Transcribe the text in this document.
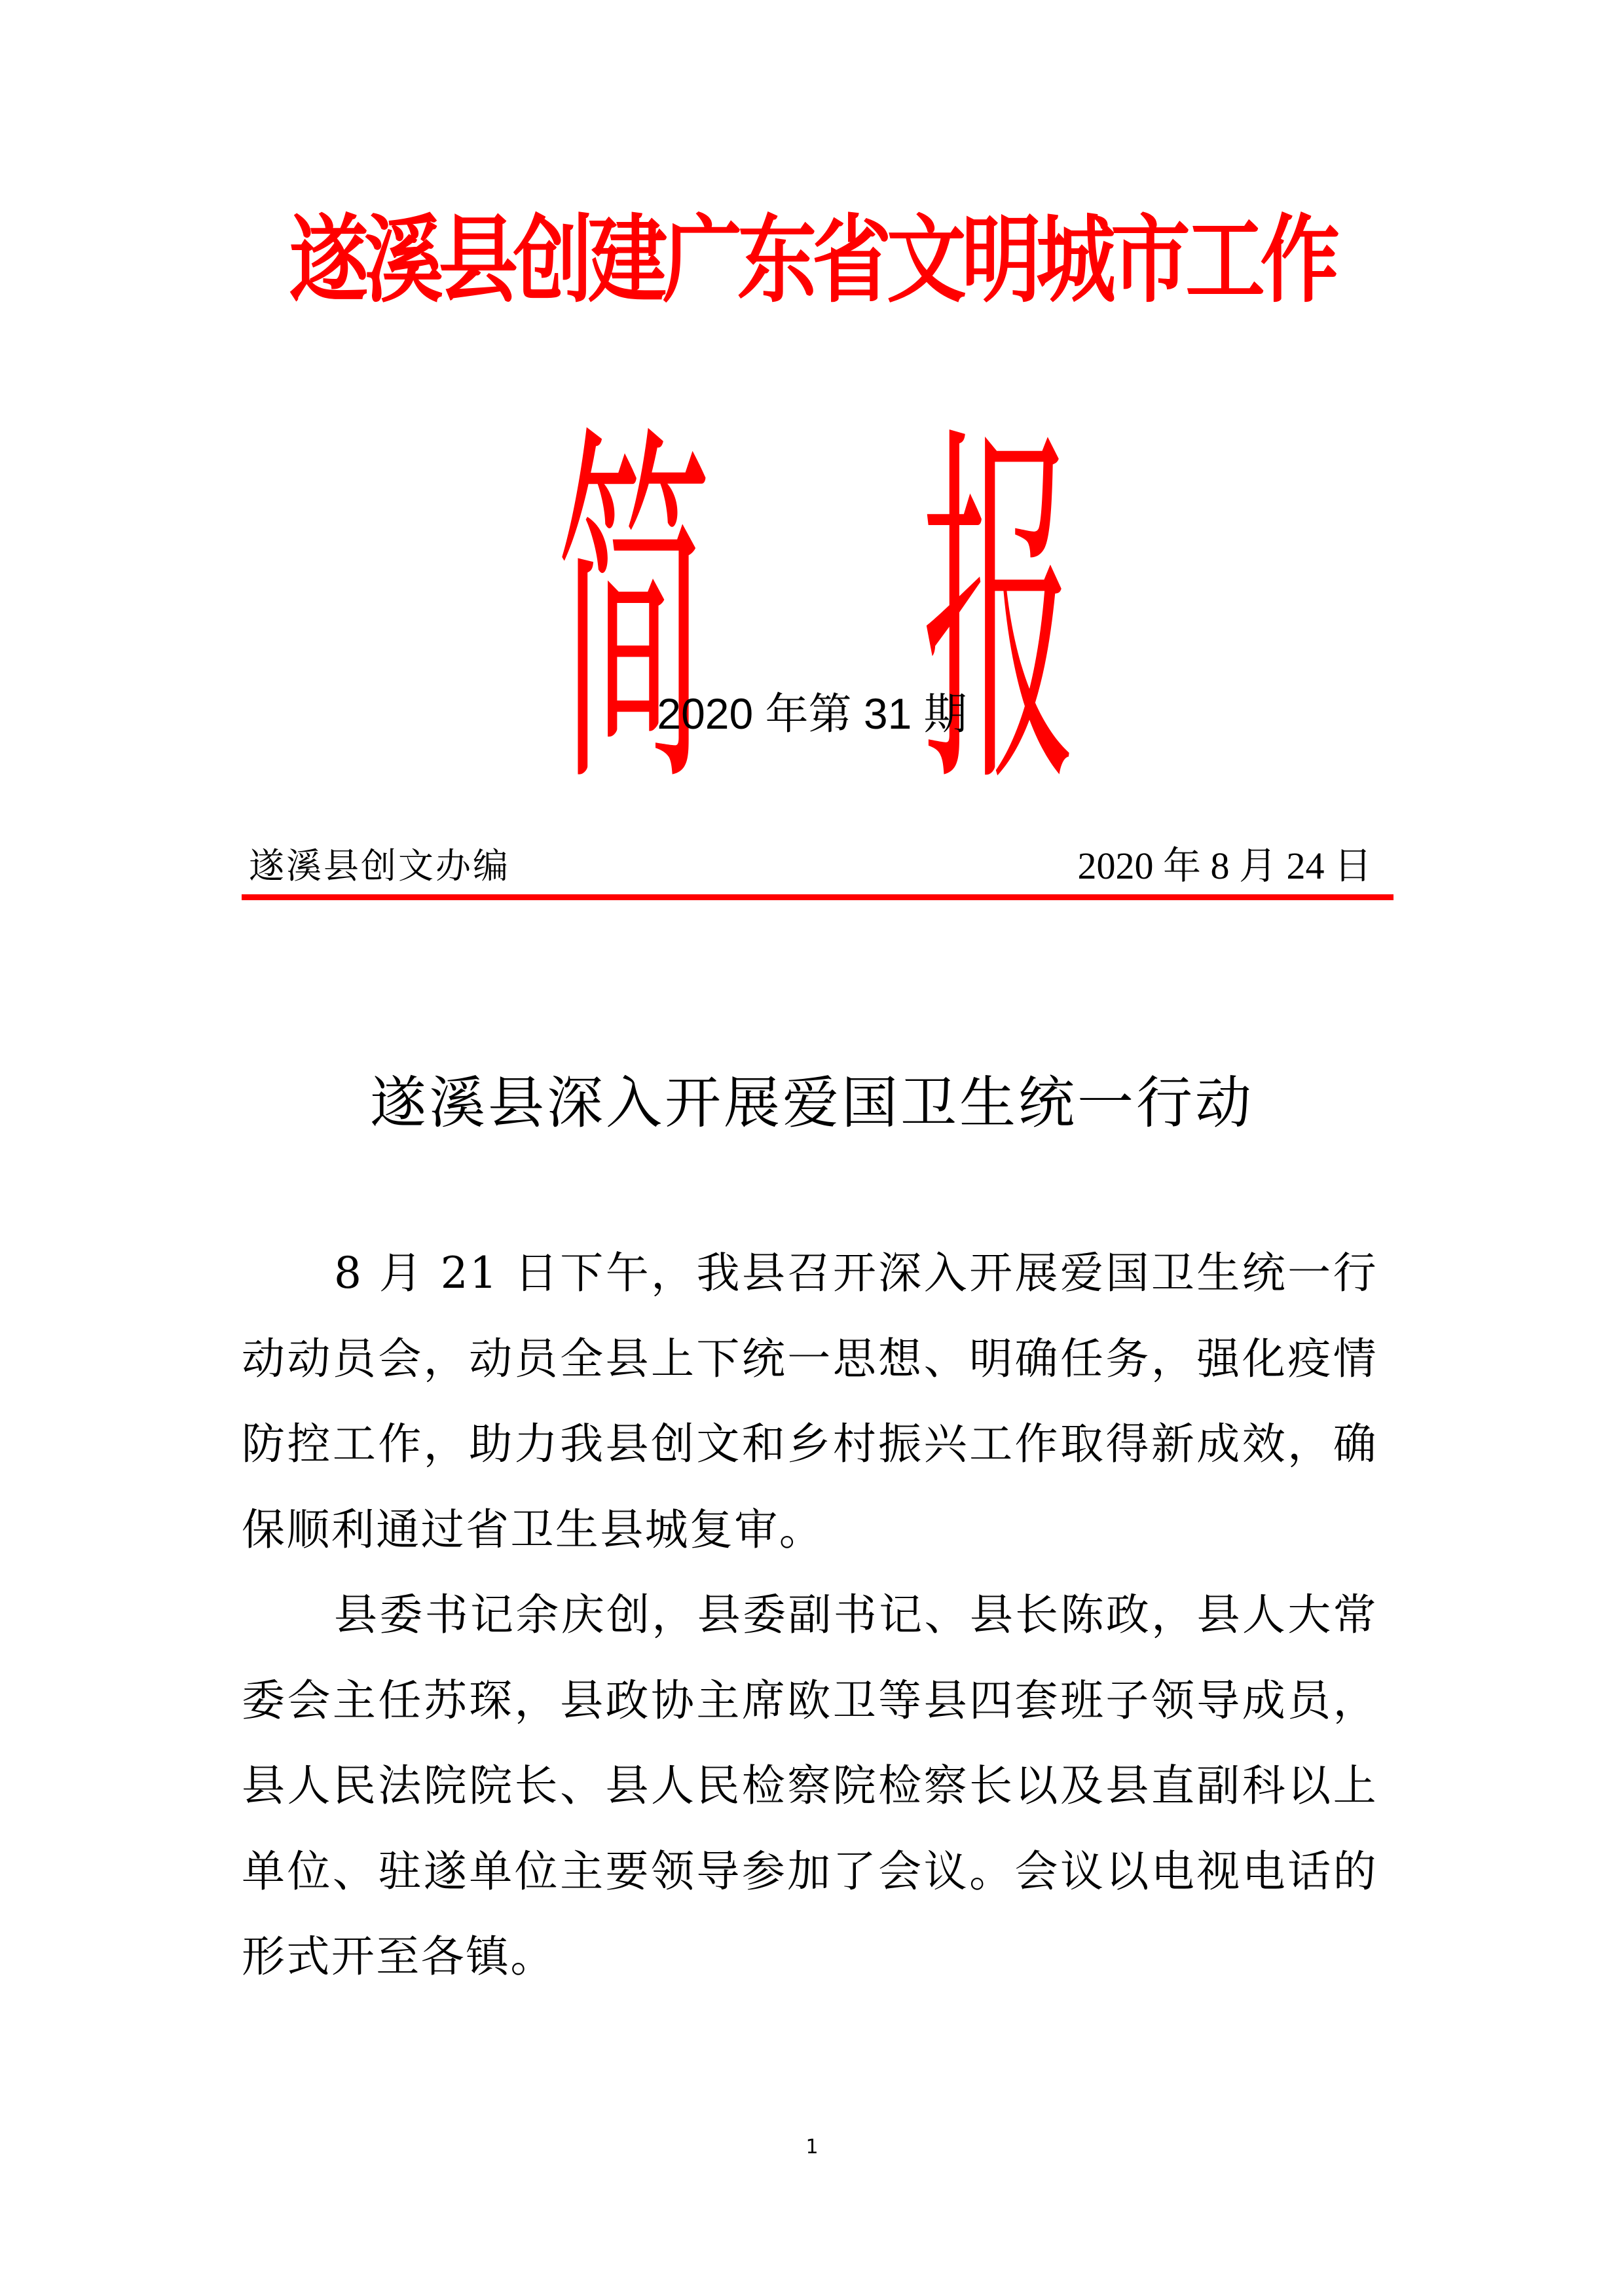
遂溪县创建广东省文明城市工作
简 报
2020 年第 31 期
遂溪县创文办编	2020 年 8 月 24 日
遂溪县深入开展爱国卫生统一行动

8 月 21 日下午，我县召开深入开展爱国卫生统一行动动员会，动员全县上下统一思想、明确任务，强化疫情防控工作，助力我县创文和乡村振兴工作取得新成效，确保顺利通过省卫生县城复审。

县委书记余庆创，县委副书记、县长陈政，县人大常委会主任苏琛，县政协主席欧卫等县四套班子领导成员，县人民法院院长、县人民检察院检察长以及县直副科以上单位、驻遂单位主要领导参加了会议。会议以电视电话的形式开至各镇。

1
